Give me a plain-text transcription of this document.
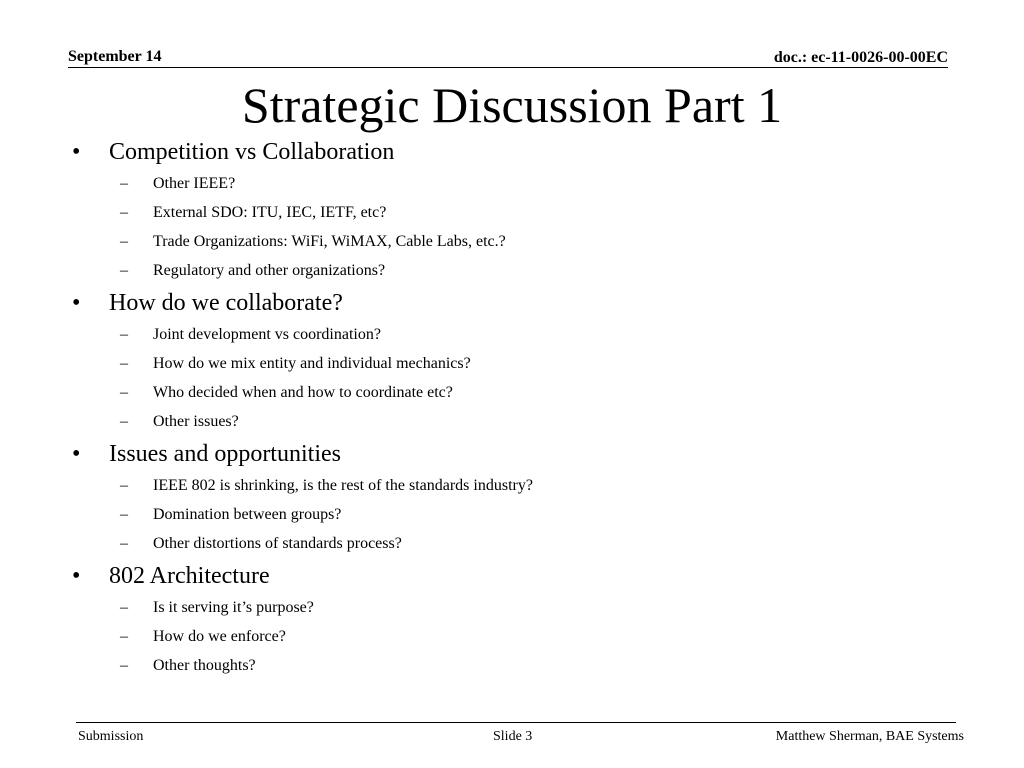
September 14	doc.: ec-11-0026-00-00EC
Strategic Discussion Part 1
•	Competition vs Collaboration
– Other IEEE?
– External SDO: ITU, IEC, IETF, etc?
– Trade Organizations: WiFi, WiMAX, Cable Labs, etc.?
– Regulatory and other organizations?
•	How do we collaborate?
– Joint development vs coordination?
– How do we mix entity and individual mechanics?
– Who decided when and how to coordinate etc?
– Other issues?
•	Issues and opportunities
– IEEE 802 is shrinking, is the rest of the standards industry?
– Domination between groups?
– Other distortions of standards process?
•	802 Architecture
– Is it serving it’s purpose?
– How do we enforce?
– Other thoughts?
Submission	Slide 3	Matthew Sherman, BAE Systems
